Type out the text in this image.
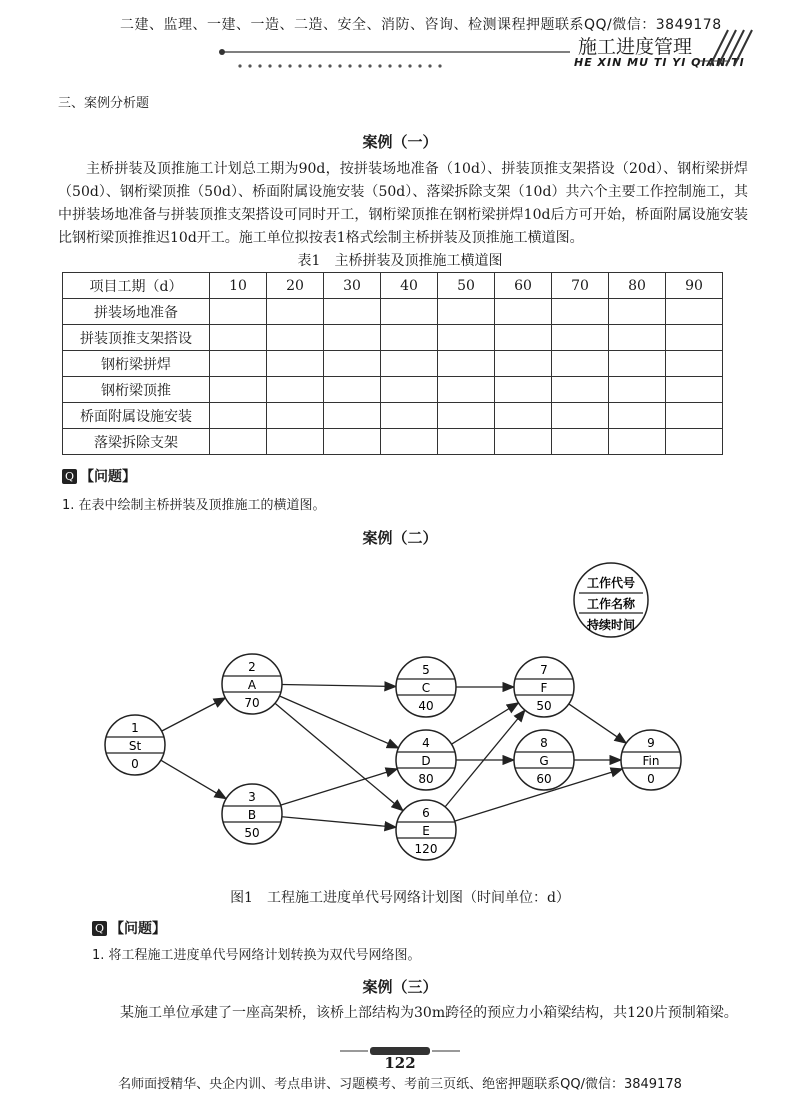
二建、监理、一建、一造、二造、安全、消防、咨询、检测课程押题联系QQ/微信：3849178
施工进度管理
HE XIN MU TI YI QIAN TI
三、案例分析题
案例（一）
主桥拼装及顶推施工计划总工期为90d，按拼装场地准备（10d）、拼装顶推支架搭设（20d）、钢桁梁拼焊（50d）、钢桁梁顶推（50d）、桥面附属设施安装（50d）、落梁拆除支架（10d）共六个主要工作控制施工，其中拼装场地准备与拼装顶推支架搭设可同时开工，钢桁梁顶推在钢桁梁拼焊10d后方可开始，桥面附属设施安装比钢桁梁顶推推迟10d开工。施工单位拟按表1格式绘制主桥拼装及顶推施工横道图。
表1　主桥拼装及顶推施工横道图
项目工期（d）	10	20	30	40	50	60	70	80	90
拼装场地准备									
拼装顶推支架搭设									
钢桁梁拼焊									
钢桁梁顶推									
桥面附属设施安装									
落梁拆除支架									
Q 【问题】
1. 在表中绘制主桥拼装及顶推施工的横道图。
案例（二）
1
St
0
2
A
70
3
B
50
4
D
80
5
C
40
6
E
120
7
F
50
8
G
60
9
Fin
0
工作代号
工作名称
持续时间
图1　工程施工进度单代号网络计划图（时间单位：d）
Q 【问题】
1. 将工程施工进度单代号网络计划转换为双代号网络图。
案例（三）
某施工单位承建了一座高架桥，该桥上部结构为30m跨径的预应力小箱梁结构，共120片预制箱梁。
122
名师面授精华、央企内训、考点串讲、习题模考、考前三页纸、绝密押题联系QQ/微信：3849178
